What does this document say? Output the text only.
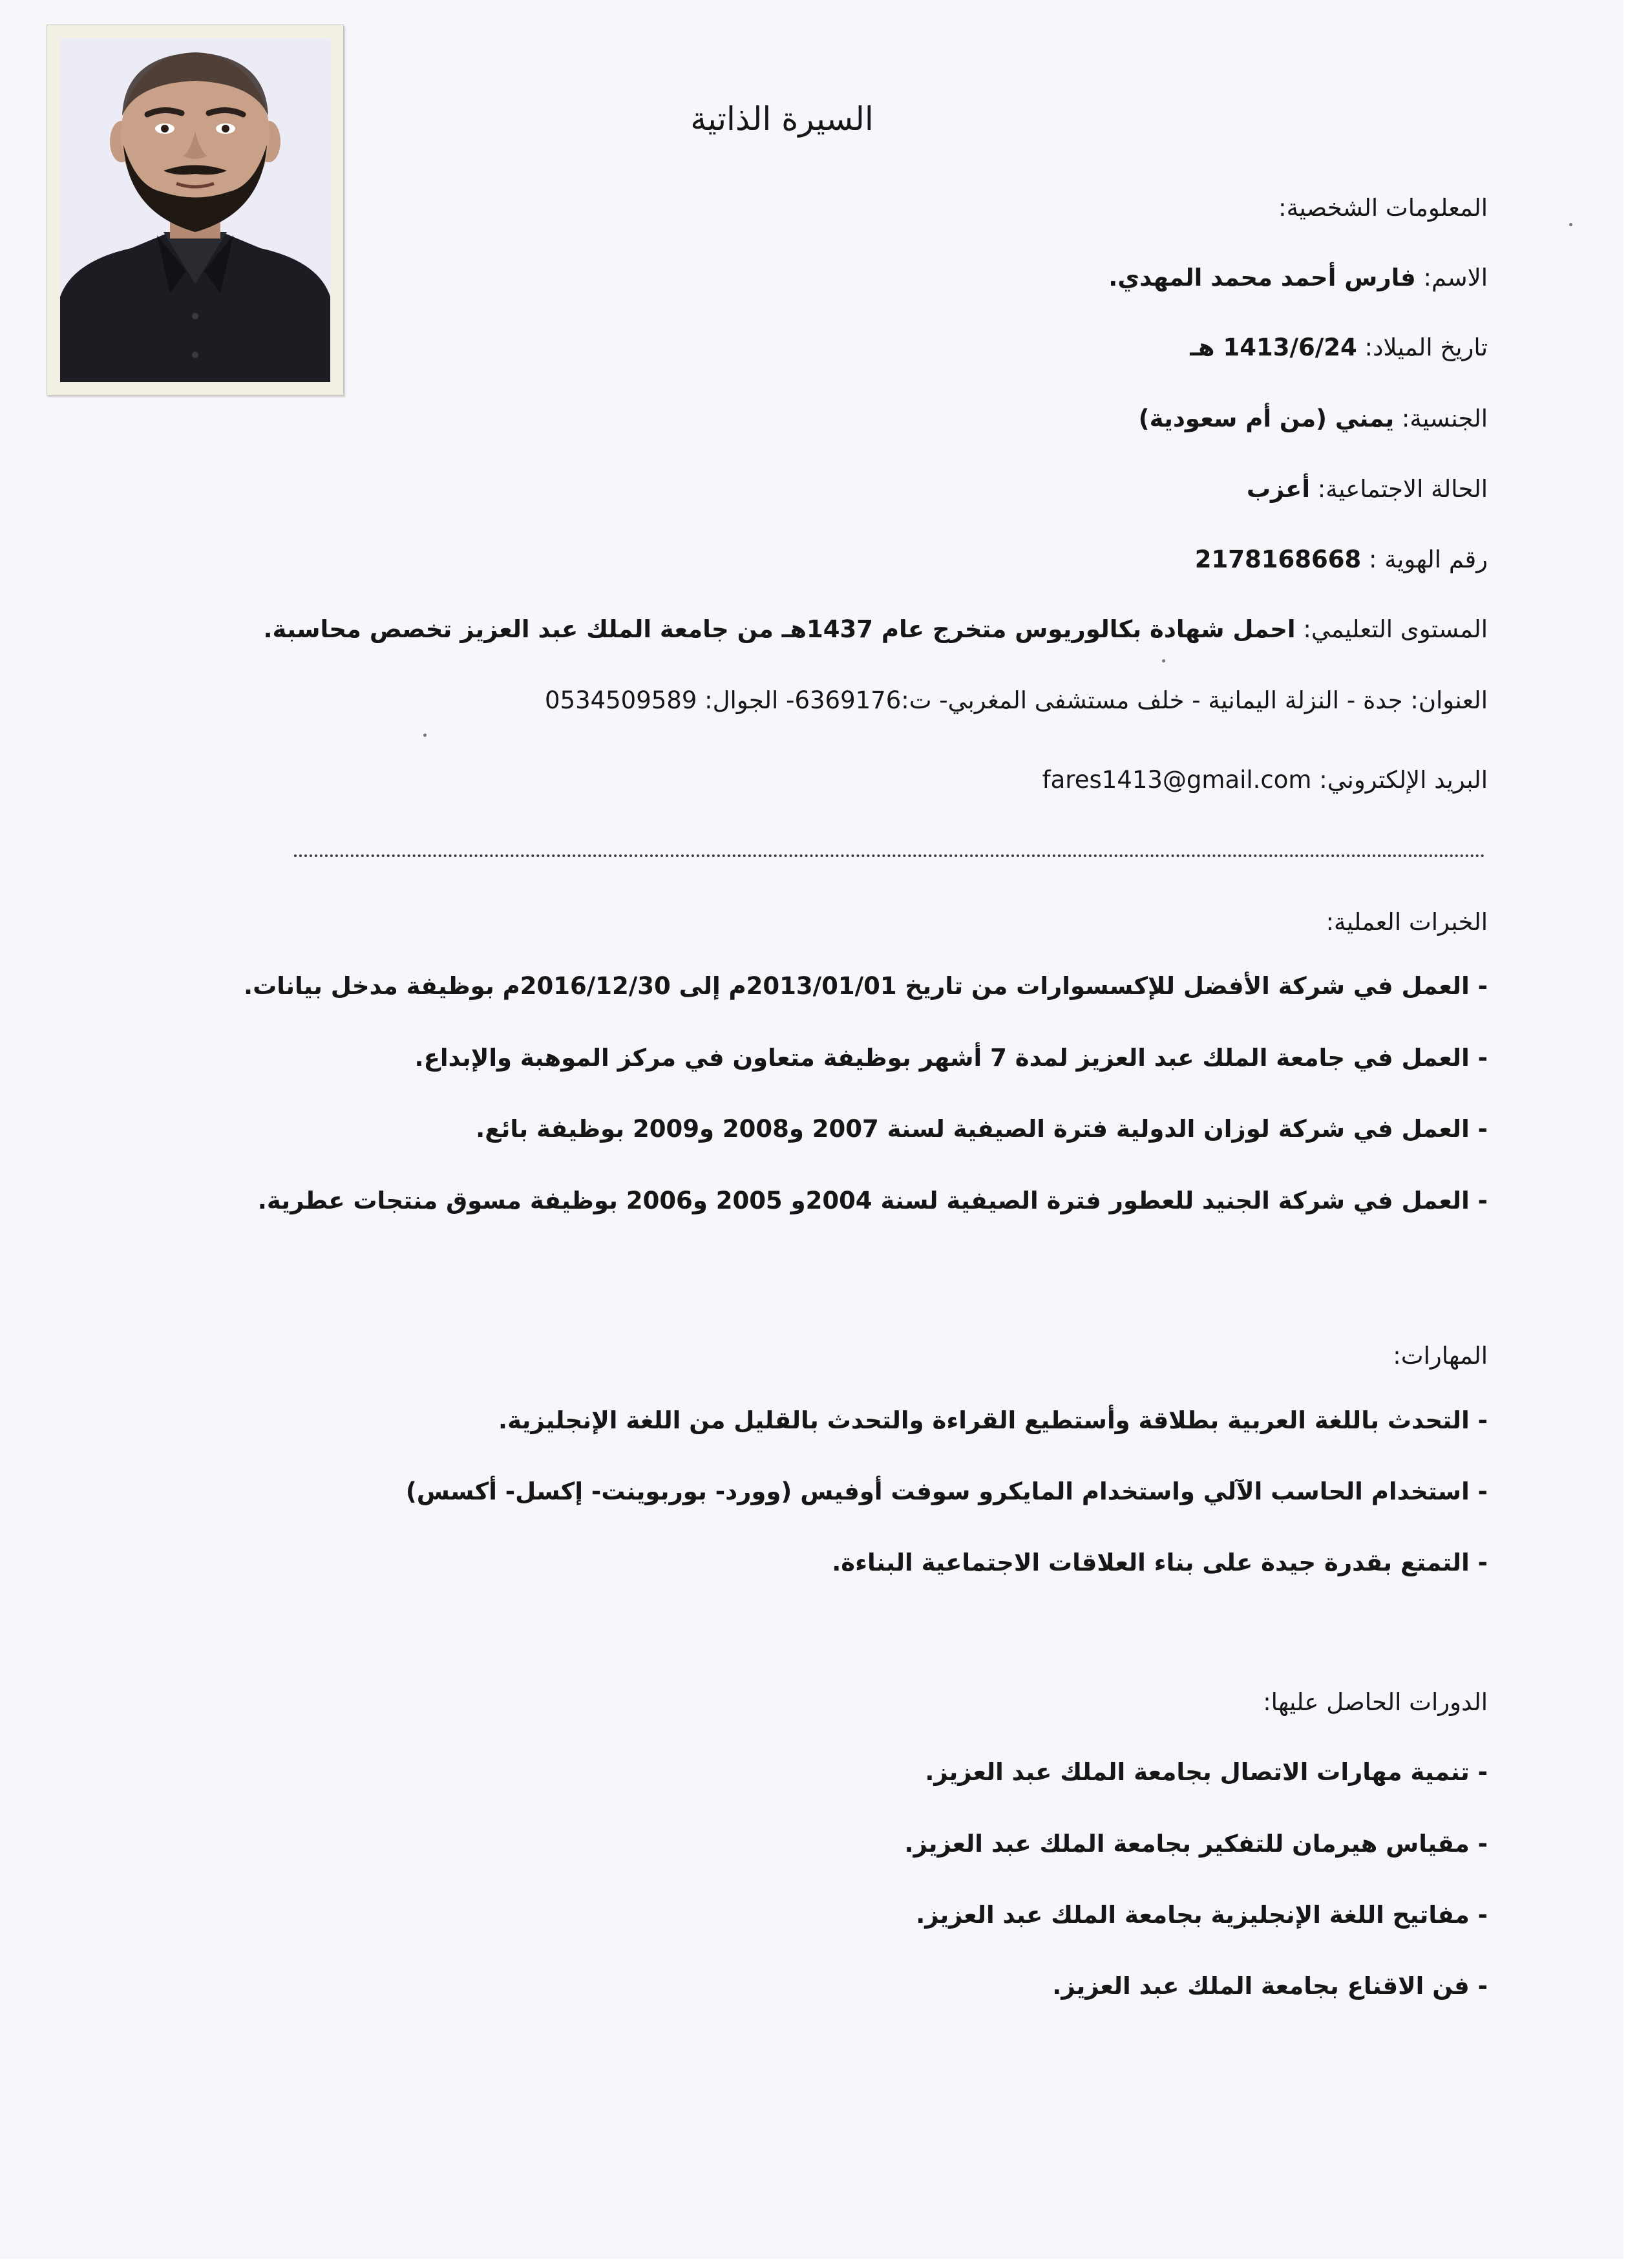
السيرة الذاتية
المعلومات الشخصية:
الاسم: فارس أحمد محمد المهدي.
تاريخ الميلاد: 1413/6/24 هـ
الجنسية: يمني (من أم سعودية)
الحالة الاجتماعية: أعزب
رقم الهوية : 2178168668
المستوى التعليمي: احمل شهادة بكالوريوس متخرج عام 1437هـ من جامعة الملك عبد العزيز تخصص محاسبة.
العنوان: جدة - النزلة اليمانية - خلف مستشفى المغربي- ت:6369176- الجوال: 0534509589
البريد الإلكتروني: fares1413@gmail.com
الخبرات العملية:
- العمل في شركة الأفضل للإكسسوارات من تاريخ 2013/01/01م إلى 2016/12/30م بوظيفة مدخل بيانات.
- العمل في جامعة الملك عبد العزيز لمدة 7 أشهر بوظيفة متعاون في مركز الموهبة والإبداع.
- العمل في شركة لوزان الدولية فترة الصيفية لسنة 2007 و2008 و2009 بوظيفة بائع.
- العمل في شركة الجنيد للعطور فترة الصيفية لسنة 2004و 2005 و2006 بوظيفة مسوق منتجات عطرية.
المهارات:
- التحدث باللغة العربية بطلاقة وأستطيع القراءة والتحدث بالقليل من اللغة الإنجليزية.
- استخدام الحاسب الآلي واستخدام المايكرو سوفت أوفيس (وورد- بوربوينت- إكسل- أكسس)
- التمتع بقدرة جيدة على بناء العلاقات الاجتماعية البناءة.
الدورات الحاصل عليها:
- تنمية مهارات الاتصال بجامعة الملك عبد العزيز.
- مقياس هيرمان للتفكير بجامعة الملك عبد العزيز.
- مفاتيح اللغة الإنجليزية بجامعة الملك عبد العزيز.
- فن الاقناع بجامعة الملك عبد العزيز.
